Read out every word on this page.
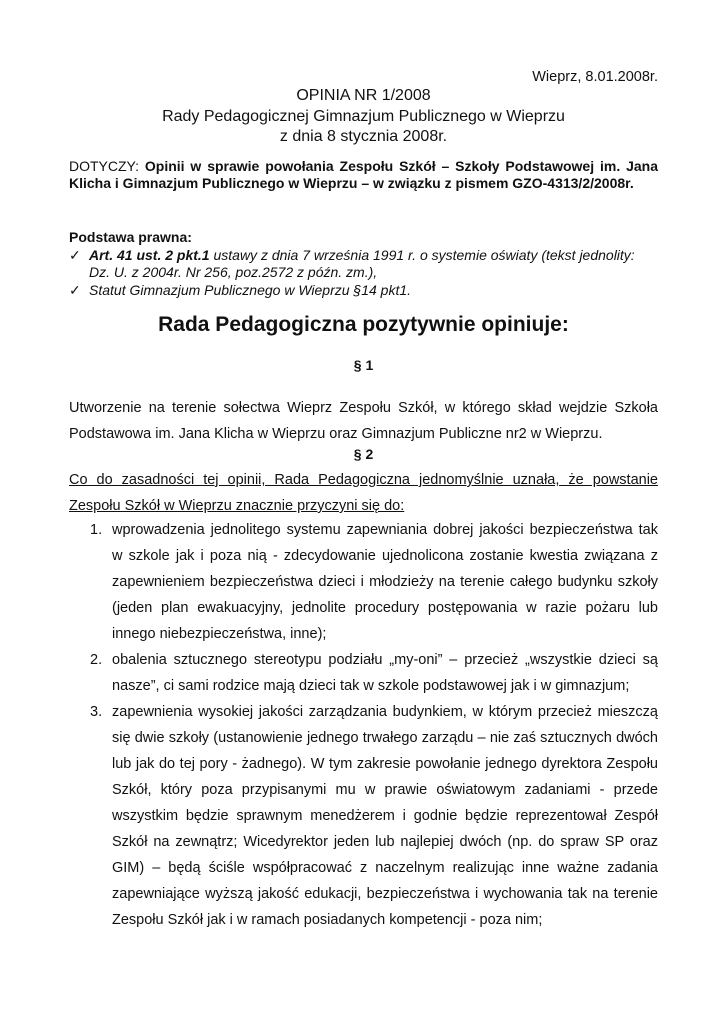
Wieprz, 8.01.2008r.
OPINIA NR 1/2008
Rady Pedagogicznej Gimnazjum Publicznego w Wieprzu
z dnia 8 stycznia 2008r.
DOTYCZY: Opinii w sprawie powołania Zespołu Szkół – Szkoły Podstawowej im. Jana Klicha i Gimnazjum Publicznego w Wieprzu – w związku z pismem GZO-4313/2/2008r.
Podstawa prawna:
✓ Art. 41 ust. 2 pkt.1 ustawy z dnia 7 września 1991 r. o systemie oświaty (tekst jednolity: Dz. U. z 2004r. Nr 256, poz.2572 z późn. zm.),
✓ Statut Gimnazjum Publicznego w Wieprzu §14 pkt1.
Rada Pedagogiczna pozytywnie opiniuje:
§ 1
Utworzenie na terenie sołectwa Wieprz Zespołu Szkół, w którego skład wejdzie Szkoła Podstawowa im. Jana Klicha w Wieprzu oraz Gimnazjum Publiczne nr2 w Wieprzu.
§ 2
Co do zasadności tej opinii, Rada Pedagogiczna jednomyślnie uznała, że powstanie Zespołu Szkół w Wieprzu znacznie przyczyni się do:
1. wprowadzenia jednolitego systemu zapewniania dobrej jakości bezpieczeństwa tak w szkole jak i poza nią - zdecydowanie ujednolicona zostanie kwestia związana z zapewnieniem bezpieczeństwa dzieci i młodzieży na terenie całego budynku szkoły (jeden plan ewakuacyjny, jednolite procedury postępowania w razie pożaru lub innego niebezpieczeństwa, inne);
2. obalenia sztucznego stereotypu podziału „my-oni” – przecież „wszystkie dzieci są nasze”, ci sami rodzice mają dzieci tak w szkole podstawowej jak i w gimnazjum;
3. zapewnienia wysokiej jakości zarządzania budynkiem, w którym przecież mieszczą się dwie szkoły (ustanowienie jednego trwałego zarządu – nie zaś sztucznych dwóch lub jak do tej pory - żadnego). W tym zakresie powołanie jednego dyrektora Zespołu Szkół, który poza przypisanymi mu w prawie oświatowym zadaniami - przede wszystkim będzie sprawnym menedżerem i godnie będzie reprezentował Zespół Szkół na zewnątrz; Wicedyrektor jeden lub najlepiej dwóch (np. do spraw SP oraz GIM) – będą ściśle współpracować z naczelnym realizując inne ważne zadania zapewniające wyższą jakość edukacji, bezpieczeństwa i wychowania tak na terenie Zespołu Szkół jak i w ramach posiadanych kompetencji - poza nim;
